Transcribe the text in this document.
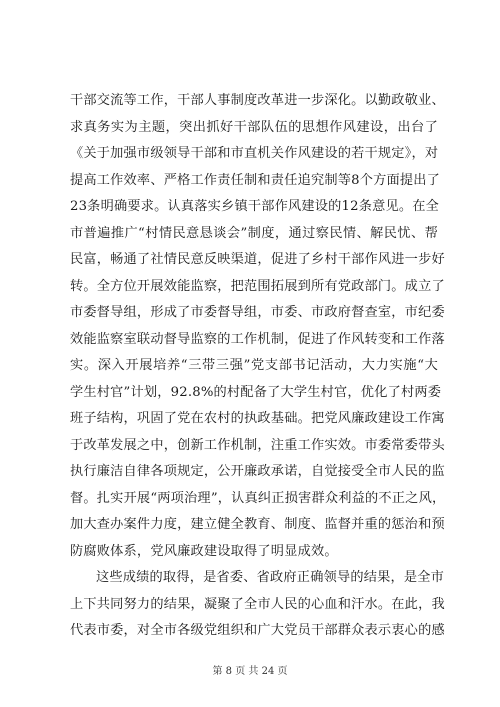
干部交流等工作，干部人事制度改革进一步深化。以勤政敬业、
求真务实为主题，突出抓好干部队伍的思想作风建设，出台了
《关于加强市级领导干部和市直机关作风建设的若干规定》，对
提高工作效率、严格工作责任制和责任追究制等8个方面提出了
23条明确要求。认真落实乡镇干部作风建设的12条意见。在全
市普遍推广“村情民意恳谈会”制度，通过察民情、解民忧、帮
民富，畅通了社情民意反映渠道，促进了乡村干部作风进一步好
转。全方位开展效能监察，把范围拓展到所有党政部门。成立了
市委督导组，形成了市委督导组，市委、市政府督查室，市纪委
效能监察室联动督导监察的工作机制，促进了作风转变和工作落
实。深入开展培养“三带三强”党支部书记活动，大力实施“大
学生村官”计划，92.8%的村配备了大学生村官，优化了村两委
班子结构，巩固了党在农村的执政基础。把党风廉政建设工作寓
于改革发展之中，创新工作机制，注重工作实效。市委常委带头
执行廉洁自律各项规定，公开廉政承诺，自觉接受全市人民的监
督。扎实开展“两项治理”，认真纠正损害群众利益的不正之风，
加大查办案件力度，建立健全教育、制度、监督并重的惩治和预
防腐败体系，党风廉政建设取得了明显成效。
这些成绩的取得，是省委、省政府正确领导的结果，是全市
上下共同努力的结果，凝聚了全市人民的心血和汗水。在此，我
代表市委，对全市各级党组织和广大党员干部群众表示衷心的感
第 8 页 共 24 页
